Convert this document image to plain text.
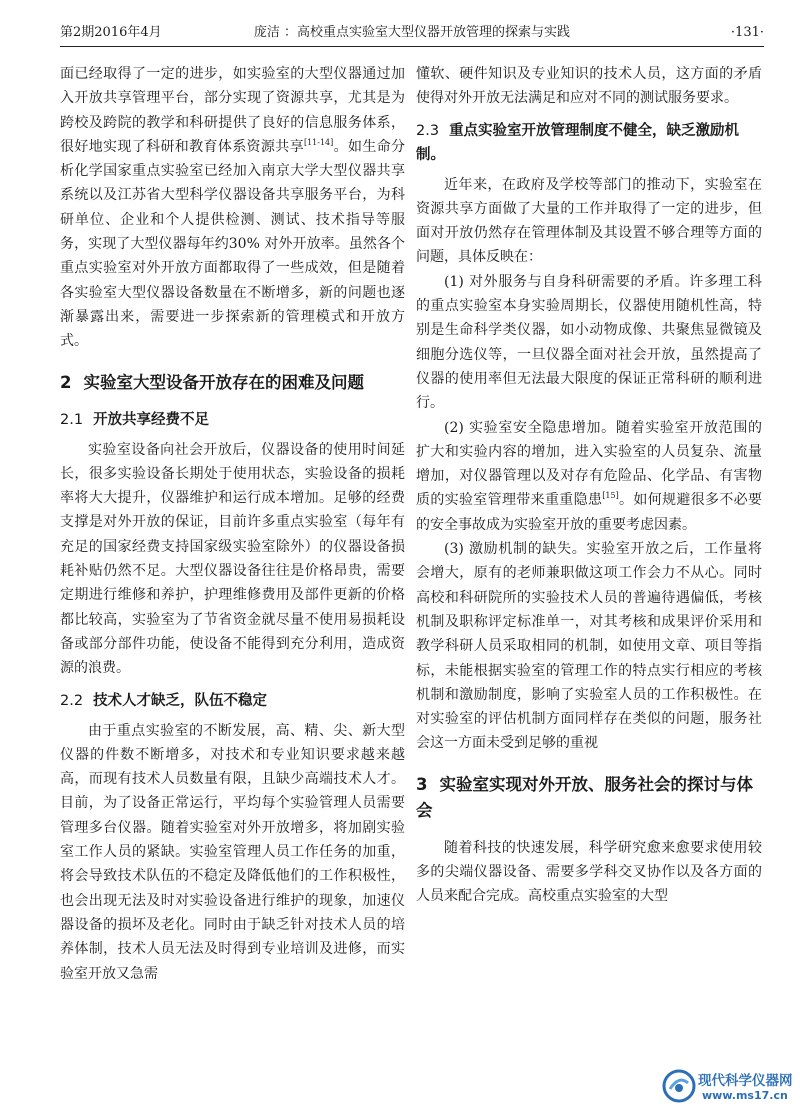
第2期2016年4月	庞洁 ：高校重点实验室大型仪器开放管理的探索与实践	·131·

面已经取得了一定的进步，如实验室的大型仪器通过加入开放共享管理平台，部分实现了资源共享，尤其是为跨校及跨院的教学和科研提供了良好的信息服务体系，很好地实现了科研和教育体系资源共享[11-14]。如生命分析化学国家重点实验室已经加入南京大学大型仪器共享系统以及江苏省大型科学仪器设备共享服务平台，为科研单位、企业和个人提供检测、测试、技术指导等服务，实现了大型仪器每年约30% 对外开放率。虽然各个重点实验室对外开放方面都取得了一些成效，但是随着各实验室大型仪器设备数量在不断增多，新的问题也逐渐暴露出来，需要进一步探索新的管理模式和开放方式。

2 实验室大型设备开放存在的困难及问题
2.1 开放共享经费不足

实验室设备向社会开放后，仪器设备的使用时间延长，很多实验设备长期处于使用状态，实验设备的损耗率将大大提升，仪器维护和运行成本增加。足够的经费支撑是对外开放的保证，目前许多重点实验室（每年有充足的国家经费支持国家级实验室除外）的仪器设备损耗补贴仍然不足。大型仪器设备往往是价格昂贵，需要定期进行维修和养护，护理维修费用及部件更新的价格都比较高，实验室为了节省资金就尽量不使用易损耗设备或部分部件功能，使设备不能得到充分利用，造成资源的浪费。

2.2 技术人才缺乏，队伍不稳定

由于重点实验室的不断发展，高、精、尖、新大型仪器的件数不断增多，对技术和专业知识要求越来越高，而现有技术人员数量有限，且缺少高端技术人才。目前，为了设备正常运行，平均每个实验管理人员需要管理多台仪器。随着实验室对外开放增多，将加剧实验室工作人员的紧缺。实验室管理人员工作任务的加重，将会导致技术队伍的不稳定及降低他们的工作积极性，也会出现无法及时对实验设备进行维护的现象，加速仪器设备的损坏及老化。同时由于缺乏针对技术人员的培养体制，技术人员无法及时得到专业培训及进修，而实验室开放又急需

懂软、硬件知识及专业知识的技术人员，这方面的矛盾使得对外开放无法满足和应对不同的测试服务要求。

2.3 重点实验室开放管理制度不健全，缺乏激励机制。

近年来，在政府及学校等部门的推动下，实验室在资源共享方面做了大量的工作并取得了一定的进步，但面对开放仍然存在管理体制及其设置不够合理等方面的问题，具体反映在：

(1) 对外服务与自身科研需要的矛盾。许多理工科的重点实验室本身实验周期长，仪器使用随机性高，特别是生命科学类仪器，如小动物成像、共聚焦显微镜及细胞分选仪等，一旦仪器全面对社会开放，虽然提高了仪器的使用率但无法最大限度的保证正常科研的顺利进行。

(2) 实验室安全隐患增加。随着实验室开放范围的扩大和实验内容的增加，进入实验室的人员复杂、流量增加，对仪器管理以及对存有危险品、化学品、有害物质的实验室管理带来重重隐患[15]。如何规避很多不必要的安全事故成为实验室开放的重要考虑因素。

(3) 激励机制的缺失。实验室开放之后，工作量将会增大，原有的老师兼职做这项工作会力不从心。同时高校和科研院所的实验技术人员的普遍待遇偏低，考核机制及职称评定标准单一，对其考核和成果评价采用和教学科研人员采取相同的机制，如使用文章、项目等指标，未能根据实验室的管理工作的特点实行相应的考核机制和激励制度，影响了实验室人员的工作积极性。在对实验室的评估机制方面同样存在类似的问题，服务社会这一方面未受到足够的重视

3 实验室实现对外开放、服务社会的探讨与体会

随着科技的快速发展，科学研究愈来愈要求使用较多的尖端仪器设备、需要多学科交叉协作以及各方面的人员来配合完成。高校重点实验室的大型

现代科学仪器网
www.ms17.cn
